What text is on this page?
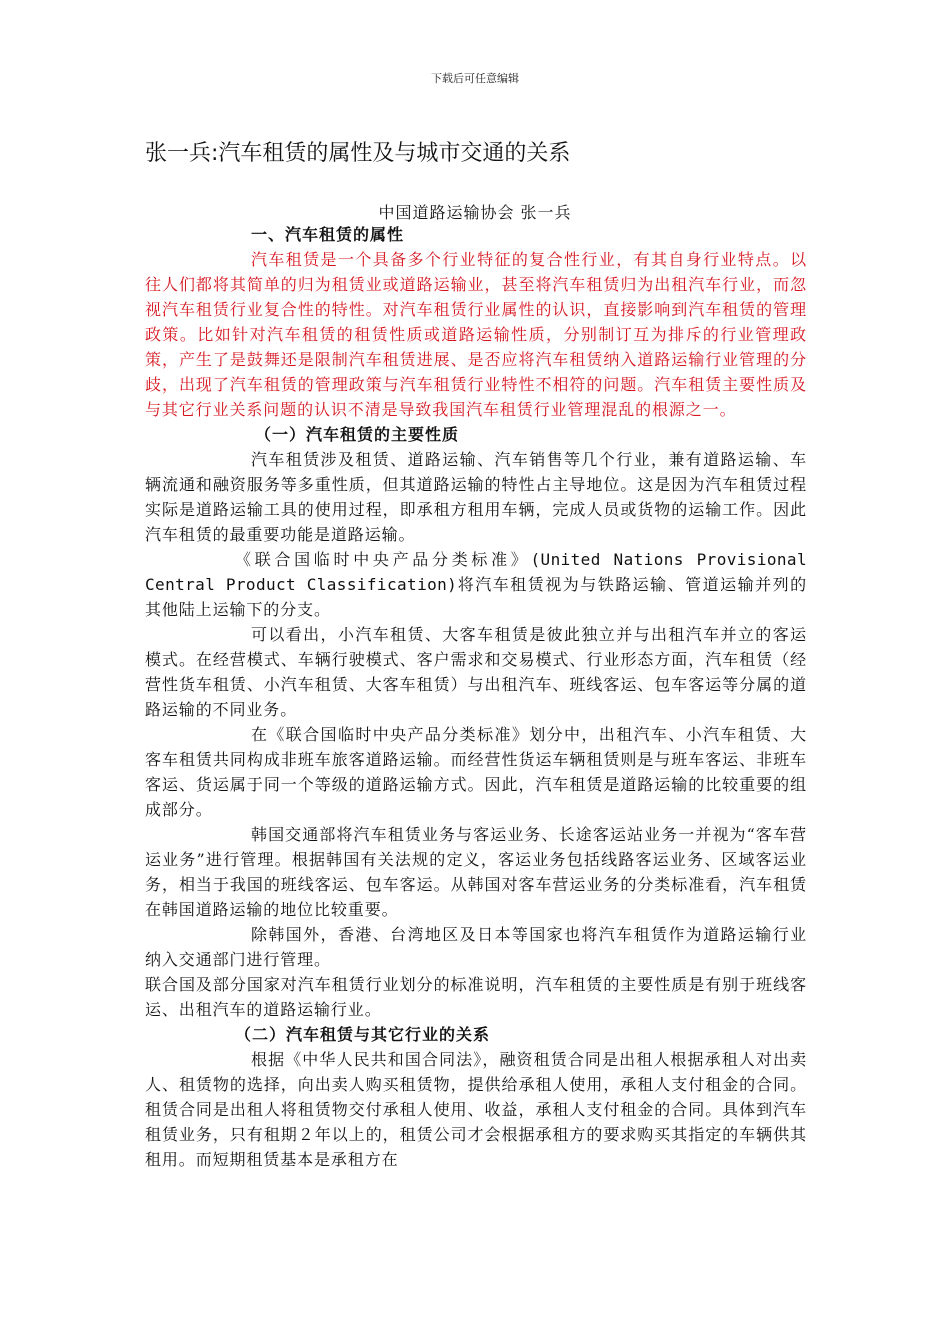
下载后可任意编辑
张一兵:汽车租赁的属性及与城市交通的关系
中国道路运输协会 张一兵

一、汽车租赁的属性

汽车租赁是一个具备多个行业特征的复合性行业，有其自身行业特点。以往人们都将其简单的归为租赁业或道路运输业，甚至将汽车租赁归为出租汽车行业，而忽视汽车租赁行业复合性的特性。对汽车租赁行业属性的认识，直接影响到汽车租赁的管理政策。比如针对汽车租赁的租赁性质或道路运输性质，分别制订互为排斥的行业管理政策，产生了是鼓舞还是限制汽车租赁进展、是否应将汽车租赁纳入道路运输行业管理的分歧，出现了汽车租赁的管理政策与汽车租赁行业特性不相符的问题。汽车租赁主要性质及与其它行业关系问题的认识不清是导致我国汽车租赁行业管理混乱的根源之一。

（一）汽车租赁的主要性质

汽车租赁涉及租赁、道路运输、汽车销售等几个行业，兼有道路运输、车辆流通和融资服务等多重性质，但其道路运输的特性占主导地位。这是因为汽车租赁过程实际是道路运输工具的使用过程，即承租方租用车辆，完成人员或货物的运输工作。因此汽车租赁的最重要功能是道路运输。

《联合国临时中央产品分类标准》(United Nations Provisional Central Product Classification)将汽车租赁视为与铁路运输、管道运输并列的其他陆上运输下的分支。

可以看出，小汽车租赁、大客车租赁是彼此独立并与出租汽车并立的客运模式。在经营模式、车辆行驶模式、客户需求和交易模式、行业形态方面，汽车租赁（经营性货车租赁、小汽车租赁、大客车租赁）与出租汽车、班线客运、包车客运等分属的道路运输的不同业务。

在《联合国临时中央产品分类标准》划分中，出租汽车、小汽车租赁、大客车租赁共同构成非班车旅客道路运输。而经营性货运车辆租赁则是与班车客运、非班车客运、货运属于同一个等级的道路运输方式。因此，汽车租赁是道路运输的比较重要的组成部分。

韩国交通部将汽车租赁业务与客运业务、长途客运站业务一并视为“客车营运业务”进行管理。根据韩国有关法规的定义，客运业务包括线路客运业务、区域客运业务，相当于我国的班线客运、包车客运。从韩国对客车营运业务的分类标准看，汽车租赁在韩国道路运输的地位比较重要。

除韩国外，香港、台湾地区及日本等国家也将汽车租赁作为道路运输行业纳入交通部门进行管理。

联合国及部分国家对汽车租赁行业划分的标准说明，汽车租赁的主要性质是有别于班线客运、出租汽车的道路运输行业。

（二）汽车租赁与其它行业的关系

根据《中华人民共和国合同法》，融资租赁合同是出租人根据承租人对出卖人、租赁物的选择，向出卖人购买租赁物，提供给承租人使用，承租人支付租金的合同。租赁合同是出租人将租赁物交付承租人使用、收益，承租人支付租金的合同。具体到汽车租赁业务，只有租期２年以上的，租赁公司才会根据承租方的要求购买其指定的车辆供其租用。而短期租赁基本是承租方在
